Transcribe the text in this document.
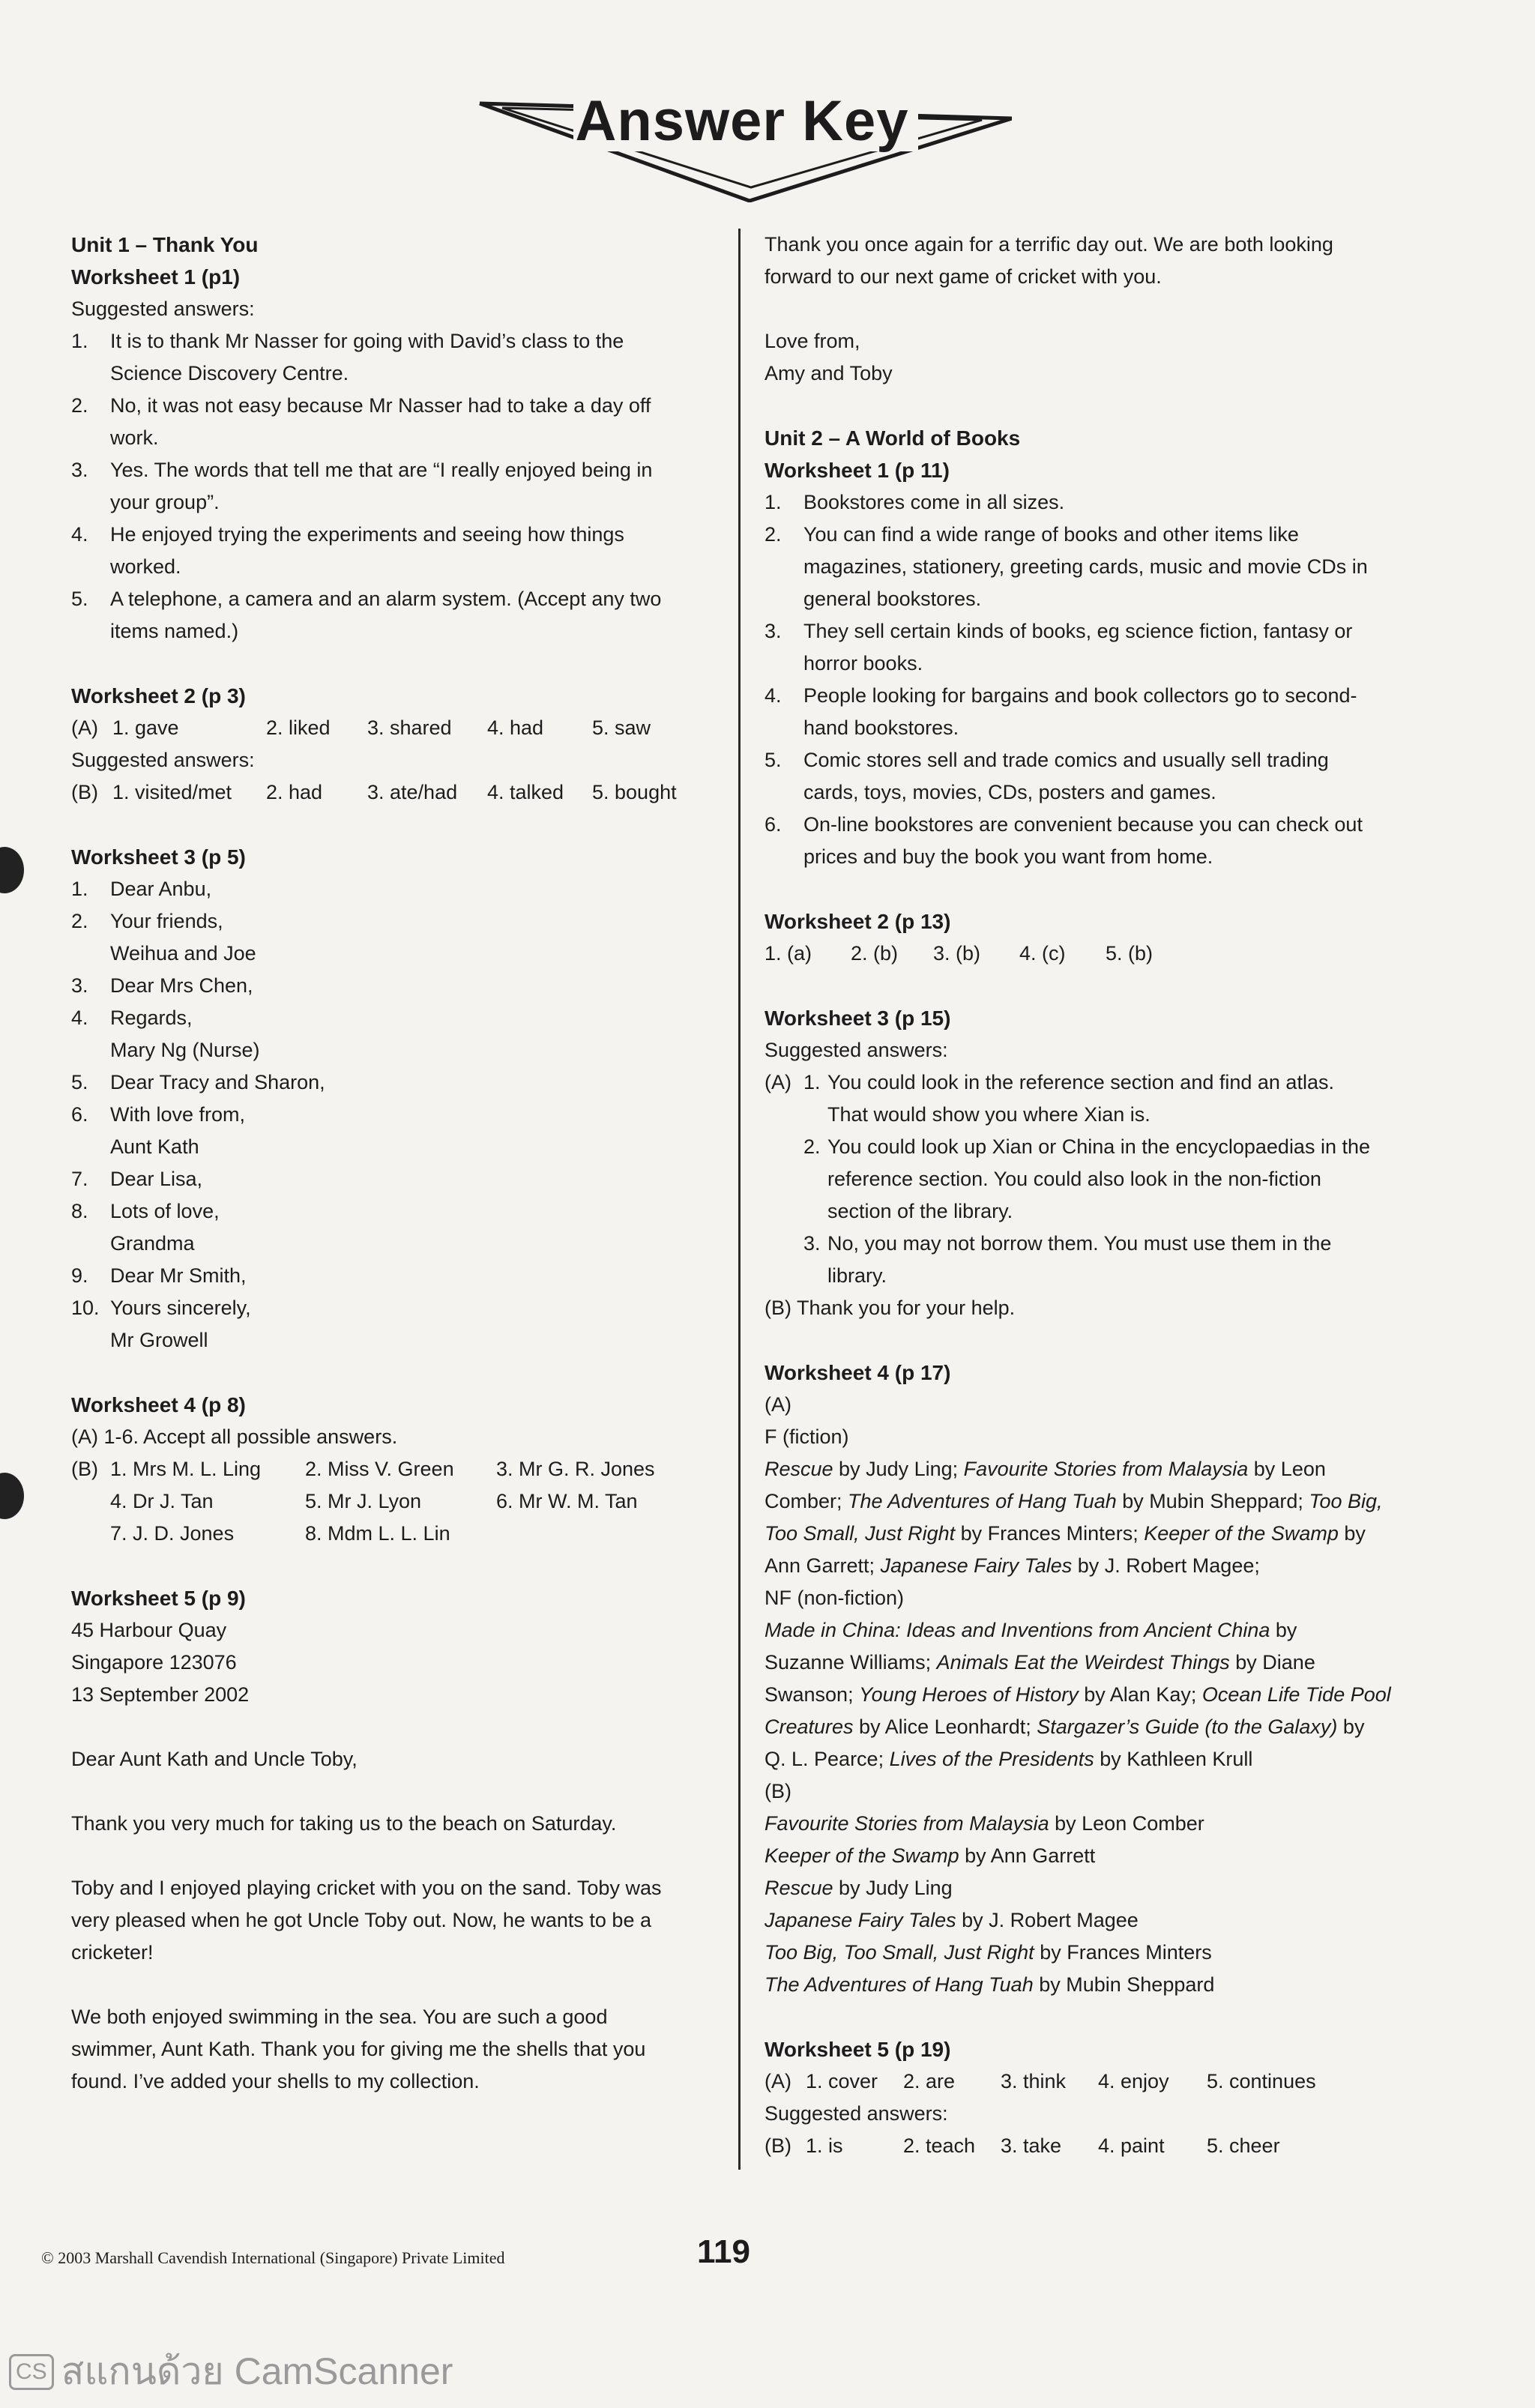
Answer Key

Unit 1 – Thank You

Worksheet 1 (p1)

Suggested answers:

1.	It is to thank Mr Nasser for going with David’s class to the
Science Discovery Centre.
2.	No, it was not easy because Mr Nasser had to take a day off
work.
3.	Yes. The words that tell me that are “I really enjoyed being in
your group”.
4.	He enjoyed trying the experiments and seeing how things
worked.
5.	A telephone, a camera and an alarm system. (Accept any two
items named.)

Worksheet 2 (p 3)

(A) 1. gave	2. liked	3. shared	4. had	5. saw

Suggested answers:

(B) 1. visited/met	2. had	3. ate/had	4. talked	5. bought

Worksheet 3 (p 5)

1.	Dear Anbu,
2.	Your friends,
Weihua and Joe
3.	Dear Mrs Chen,
4.	Regards,
Mary Ng (Nurse)
5.	Dear Tracy and Sharon,
6.	With love from,
Aunt Kath
7.	Dear Lisa,
8.	Lots of love,
Grandma
9.	Dear Mr Smith,
10. Yours sincerely,
Mr Growell

Worksheet 4 (p 8)

(A) 1-6. Accept all possible answers.

(B) 1. Mrs M. L. Ling	2. Miss V. Green	3. Mr G. R. Jones
4. Dr J. Tan	5. Mr J. Lyon	6. Mr W. M. Tan
7. J. D. Jones	8. Mdm L. L. Lin

Worksheet 5 (p 9)

45 Harbour Quay

Singapore 123076

13 September 2002

Dear Aunt Kath and Uncle Toby,

Thank you very much for taking us to the beach on Saturday.

Toby and I enjoyed playing cricket with you on the sand. Toby was

very pleased when he got Uncle Toby out. Now, he wants to be a

cricketer!

We both enjoyed swimming in the sea. You are such a good

swimmer, Aunt Kath. Thank you for giving me the shells that you

found. I’ve added your shells to my collection.

Thank you once again for a terrific day out. We are both looking

forward to our next game of cricket with you.

Love from,

Amy and Toby

Unit 2 – A World of Books

Worksheet 1 (p 11)

1.	Bookstores come in all sizes.
2.	You can find a wide range of books and other items like
magazines, stationery, greeting cards, music and movie CDs in
general bookstores.
3.	They sell certain kinds of books, eg science fiction, fantasy or
horror books.
4.	People looking for bargains and book collectors go to second-
hand bookstores.
5.	Comic stores sell and trade comics and usually sell trading
cards, toys, movies, CDs, posters and games.
6.	On-line bookstores are convenient because you can check out
prices and buy the book you want from home.

Worksheet 2 (p 13)

1. (a)	2. (b)	3. (b)	4. (c)	5. (b)

Worksheet 3 (p 15)

Suggested answers:

(A) 1. You could look in the reference section and find an atlas.
That would show you where Xian is.
2. You could look up Xian or China in the encyclopaedias in the
reference section. You could also look in the non-fiction
section of the library.
3. No, you may not borrow them. You must use them in the
library.

(B) Thank you for your help.

Worksheet 4 (p 17)

(A)

F (fiction)

Rescue by Judy Ling; Favourite Stories from Malaysia by Leon
Comber; The Adventures of Hang Tuah by Mubin Sheppard; Too Big,
Too Small, Just Right by Frances Minters; Keeper of the Swamp by
Ann Garrett; Japanese Fairy Tales by J. Robert Magee;

NF (non-fiction)

Made in China: Ideas and Inventions from Ancient China by
Suzanne Williams; Animals Eat the Weirdest Things by Diane
Swanson; Young Heroes of History by Alan Kay; Ocean Life Tide Pool
Creatures by Alice Leonhardt; Stargazer’s Guide (to the Galaxy) by
Q. L. Pearce; Lives of the Presidents by Kathleen Krull

(B)

Favourite Stories from Malaysia by Leon Comber
Keeper of the Swamp by Ann Garrett
Rescue by Judy Ling
Japanese Fairy Tales by J. Robert Magee
Too Big, Too Small, Just Right by Frances Minters
The Adventures of Hang Tuah by Mubin Sheppard

Worksheet 5 (p 19)

(A) 1. cover	2. are	3. think	4. enjoy	5. continues

Suggested answers:

(B) 1. is	2. teach	3. take	4. paint	5. cheer
© 2003 Marshall Cavendish International (Singapore) Private Limited	119
CS สแกนด้วย CamScanner
